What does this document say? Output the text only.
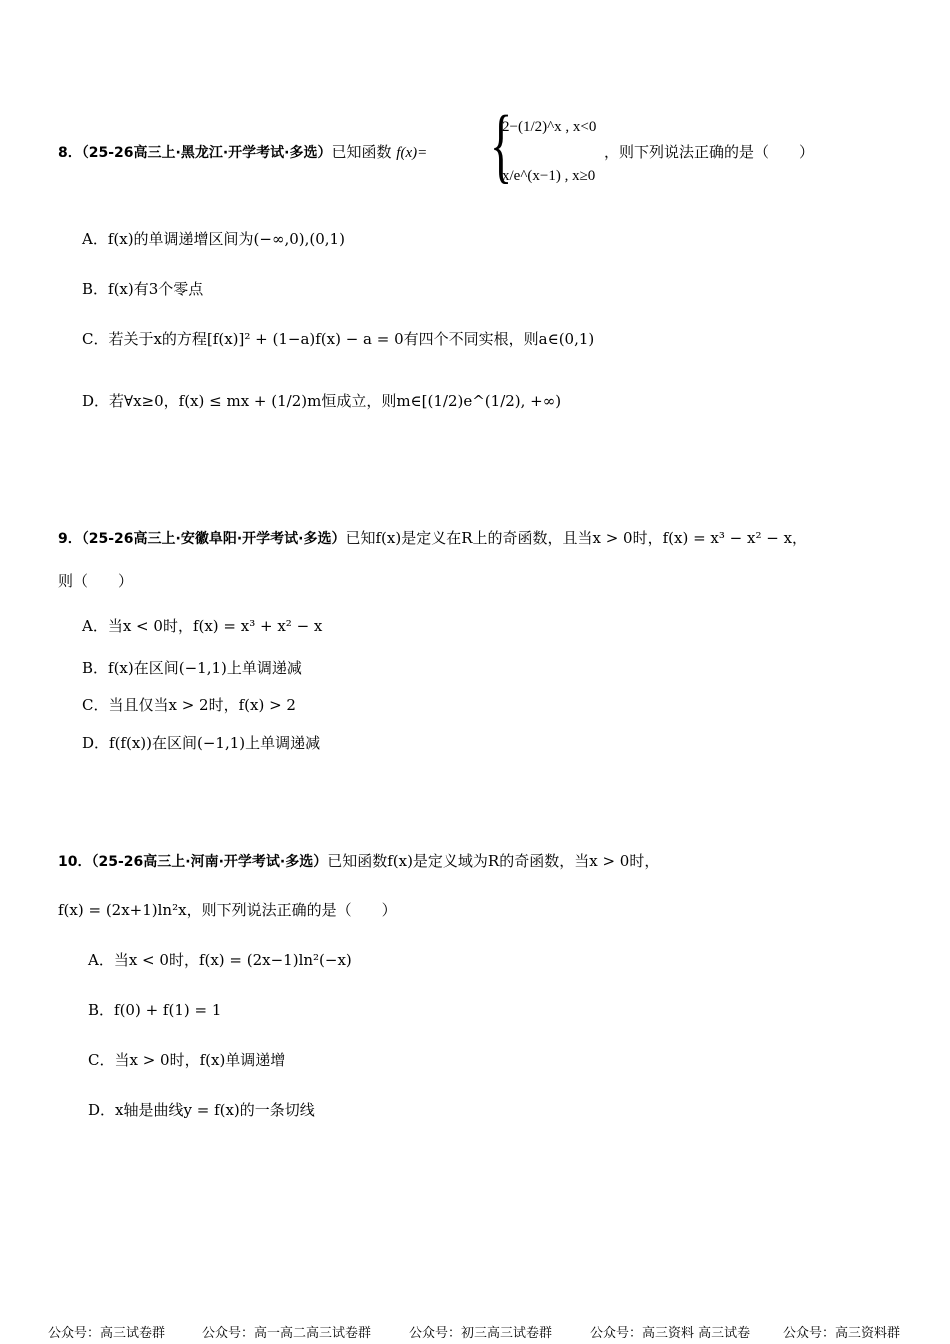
8．（25-26高三上·黑龙江·开学考试·多选）已知函数 f(x)= {
2−(1/2)^x , x<0
x/e^(x−1) , x≥0
，则下列说法正确的是（　　）
A．f(x)的单调递增区间为(−∞,0),(0,1)
B．f(x)有3个零点
C．若关于x的方程[f(x)]² + (1−a)f(x) − a = 0有四个不同实根，则a∈(0,1)
D．若∀x≥0，f(x) ≤ mx + (1/2)m恒成立，则m∈[(1/2)e^(1/2), +∞)
9．（25-26高三上·安徽阜阳·开学考试·多选）已知f(x)是定义在R上的奇函数，且当x > 0时，f(x) = x³ − x² − x，
则（　　）
A．当x < 0时，f(x) = x³ + x² − x
B．f(x)在区间(−1,1)上单调递减
C．当且仅当x > 2时，f(x) > 2
D．f(f(x))在区间(−1,1)上单调递减
10．（25-26高三上·河南·开学考试·多选）已知函数f(x)是定义域为R的奇函数，当x > 0时，
f(x) = (2x+1)ln²x，则下列说法正确的是（　　）
A．当x < 0时，f(x) = (2x−1)ln²(−x)
B．f(0) + f(1) = 1
C．当x > 0时，f(x)单调递增
D．x轴是曲线y = f(x)的一条切线
公众号：高三试卷群	公众号：高一高二高三试卷群	公众号：初三高三试卷群	公众号：高三资料 高三试卷	公众号：高三资料群
